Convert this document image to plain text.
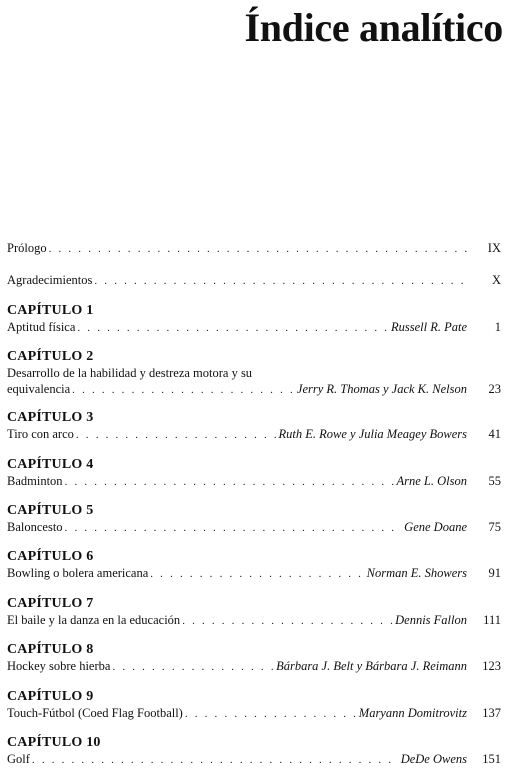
Índice analítico
Prólogo . . .	IX
Agradecimientos . . .	X
CAPÍTULO 1
Aptitud física . . .	Russell R. Pate	1
CAPÍTULO 2
Desarrollo de la habilidad y destreza motora y su
equivalencia . . .	Jerry R. Thomas y Jack K. Nelson	23
CAPÍTULO 3
Tiro con arco . . .	Ruth E. Rowe y Julia Meagey Bowers	41
CAPÍTULO 4
Badminton . . .	Arne L. Olson	55
CAPÍTULO 5
Baloncesto . . .	Gene Doane	75
CAPÍTULO 6
Bowling o bolera americana . . .	Norman E. Showers	91
CAPÍTULO 7
El baile y la danza en la educación . . .	Dennis Fallon	111
CAPÍTULO 8
Hockey sobre hierba . . .	Bárbara J. Belt y Bárbara J. Reimann	123
CAPÍTULO 9
Touch-Fútbol (Coed Flag Football) . . .	Maryann Domitrovitz	137
CAPÍTULO 10
Golf . . .	DeDe Owens	151
